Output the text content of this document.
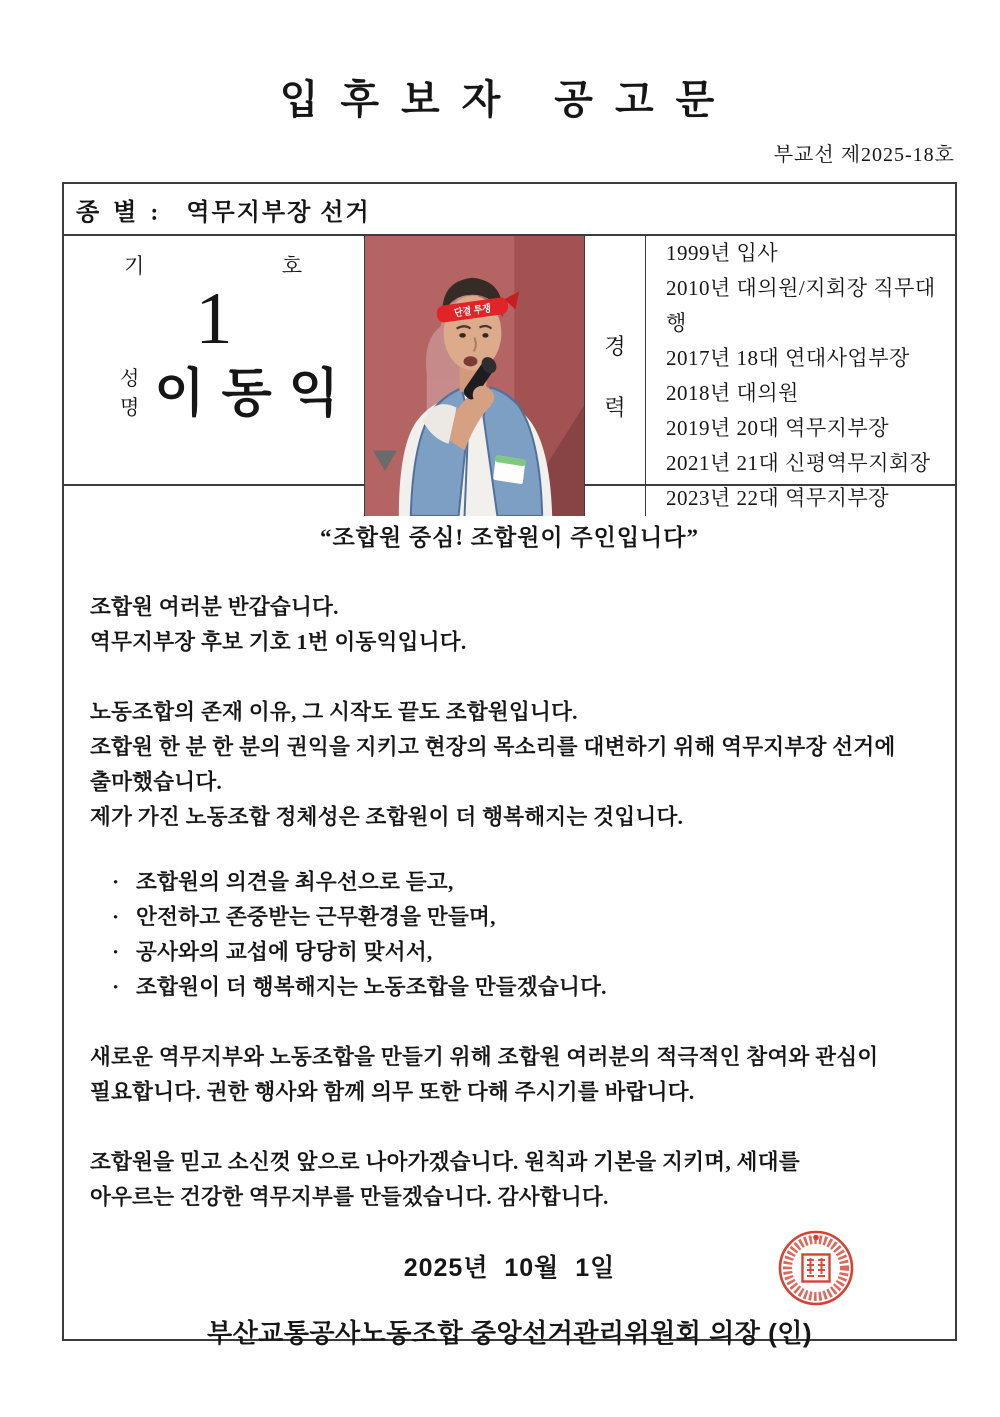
입 후 보 자   공 고 문
부교선 제2025-18호
종 별 : 역무지부장 선거
기	호
1
성
명 이 동 익
단결 투쟁
경
력
1999년 입사
2010년 대의원/지회장 직무대행
2017년 18대 연대사업부장
2018년 대의원
2019년 20대 역무지부장
2021년 21대 신평역무지회장
2023년 22대 역무지부장
“조합원 중심! 조합원이 주인입니다”
조합원 여러분 반갑습니다.
역무지부장 후보 기호 1번 이동익입니다.
노동조합의 존재 이유, 그 시작도 끝도 조합원입니다.
조합원 한 분 한 분의 권익을 지키고 현장의 목소리를 대변하기 위해 역무지부장 선거에
출마했습니다.
제가 가진 노동조합 정체성은 조합원이 더 행복해지는 것입니다.
· 조합원의 의견을 최우선으로 듣고,
· 안전하고 존중받는 근무환경을 만들며,
· 공사와의 교섭에 당당히 맞서서,
· 조합원이 더 행복해지는 노동조합을 만들겠습니다.
새로운 역무지부와 노동조합을 만들기 위해 조합원 여러분의 적극적인 참여와 관심이
필요합니다. 권한 행사와 함께 의무 또한 다해 주시기를 바랍니다.
조합원을 믿고 소신껏 앞으로 나아가겠습니다. 원칙과 기본을 지키며, 세대를
아우르는 건강한 역무지부를 만들겠습니다. 감사합니다.
2025년  10월  1일
부산교통공사노동조합 중앙선거관리위원회 의장 (인)
